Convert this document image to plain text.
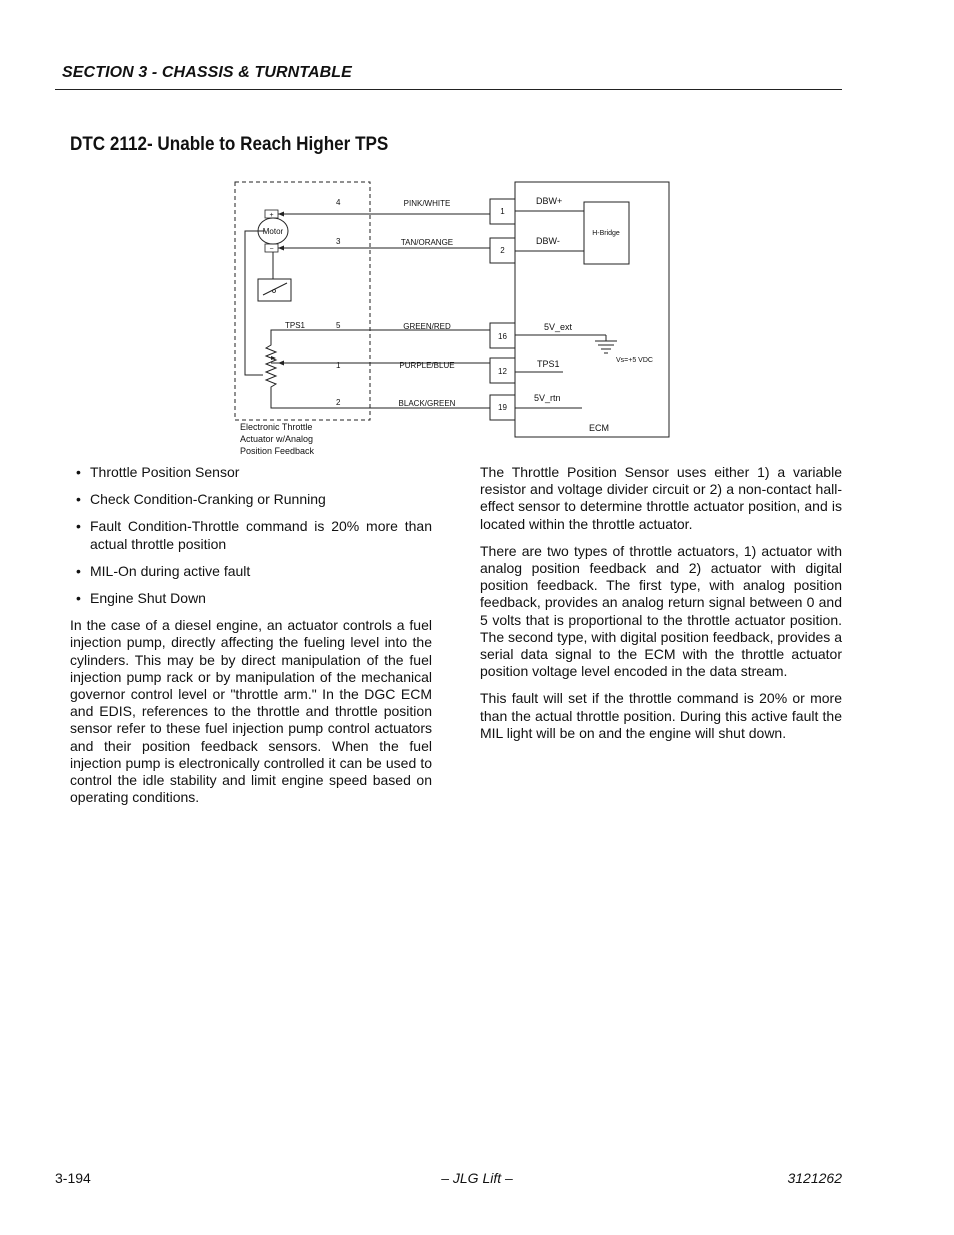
SECTION 3 - CHASSIS & TURNTABLE
DTC 2112- Unable to Reach Higher TPS
H-Bridge
+
Motor
−
TPS1
4
3
5
1
2
PINK/WHITE
TAN/ORANGE
GREEN/RED
PURPLE/BLUE
BLACK/GREEN
1
2
16
12
19
DBW+
DBW-
5V_ext
Vs=+5 VDC
TPS1
5V_rtn
ECM
Electronic Throttle
Actuator w/Analog
Position Feedback
• Throttle Position Sensor
• Check Condition-Cranking or Running
• Fault Condition-Throttle command is 20% more than actual throttle position
• MIL-On during active fault
• Engine Shut Down

In the case of a diesel engine, an actuator controls a fuel injection pump, directly affecting the fueling level into the cylinders. This may be by direct manipulation of the fuel injection pump rack or by manipulation of the mechanical governor control level or "throttle arm." In the DGC ECM and EDIS, references to the throttle and throttle position sensor refer to these fuel injection pump control actuators and their position feedback sensors. When the fuel injection pump is electronically controlled it can be used to control the idle stability and limit engine speed based on operating conditions.

The Throttle Position Sensor uses either 1) a variable resistor and voltage divider circuit or 2) a non-contact hall-effect sensor to determine throttle actuator position, and is located within the throttle actuator.

There are two types of throttle actuators, 1) actuator with analog position feedback and 2) actuator with digital position feedback. The first type, with analog position feedback, provides an analog return signal between 0 and 5 volts that is proportional to the throttle actuator position. The second type, with digital position feedback, provides a serial data signal to the ECM with the throttle actuator position voltage level encoded in the data stream.

This fault will set if the throttle command is 20% or more than the actual throttle position. During this active fault the MIL light will be on and the engine will shut down.

3-194	– JLG Lift –	3121262
